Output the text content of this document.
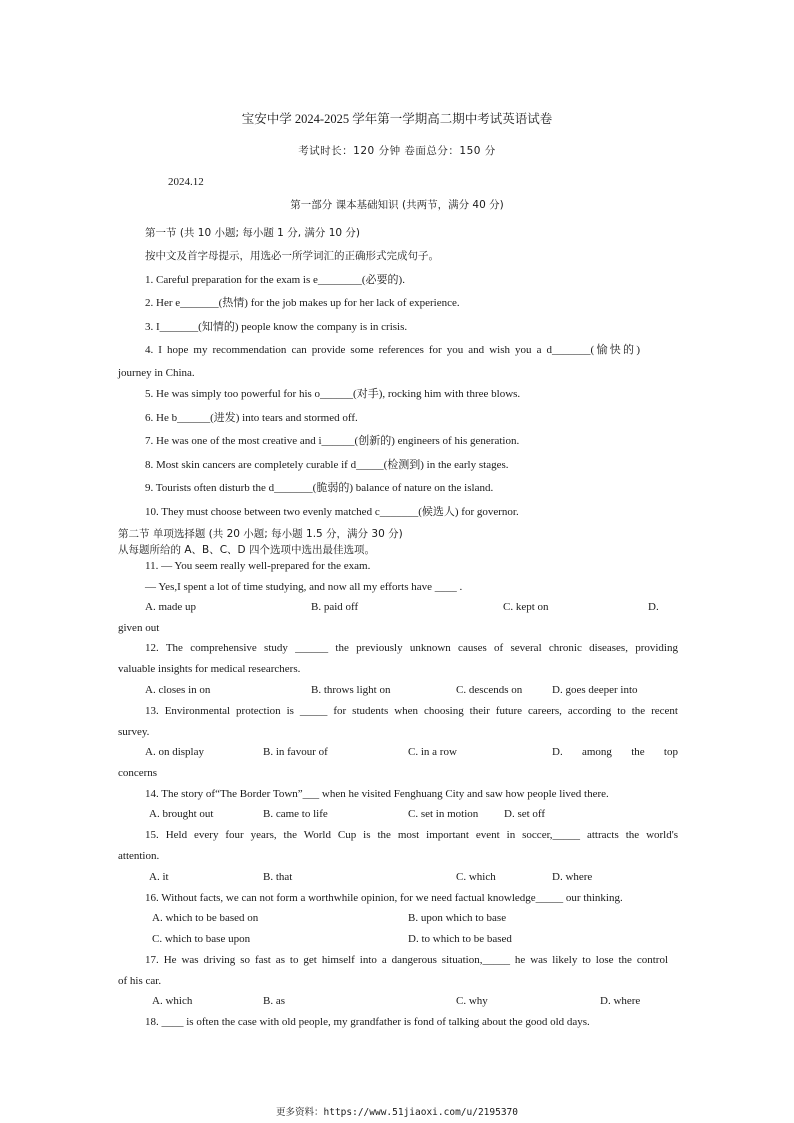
宝安中学 2024-2025 学年第一学期高二期中考试英语试卷
考试时长：120 分钟 卷面总分：150 分
2024.12
第一部分 课本基础知识 (共两节，满分 40 分)
第一节 (共 10 小题; 每小题 1 分, 满分 10 分)
按中文及首字母提示，用选必一所学词汇的正确形式完成句子。
1. Careful preparation for the exam is e________(必要的).
2. Her e_______(热情) for the job makes up for her lack of experience.
3. I_______(知情的) people know the company is in crisis.
4. I hope my recommendation can provide some references for you and wish you a d_______(愉快的)
journey in China.
5. He was simply too powerful for his o______(对手), rocking him with three blows.
6. He b______(进发) into tears and stormed off.
7. He was one of the most creative and i______(创新的) engineers of his generation.
8. Most skin cancers are completely curable if d_____(检测到) in the early stages.
9. Tourists often disturb the d_______(脆弱的) balance of nature on the island.
10. They must choose between two evenly matched c_______(候选人) for governor.
第二节 单项选择题 (共 20 小题; 每小题 1.5 分，满分 30 分)
从每题所给的 A、B、C、D 四个选项中选出最佳选项。
11. — You seem really well-prepared for the exam.
— Yes,I spent a lot of time studying, and now all my efforts have ____ .
A. made up	B. paid off	C. kept on	D.
given out
12. The comprehensive study ______ the previously unknown causes of several chronic diseases, providing
valuable insights for medical researchers.
A. closes in on	B. throws light on	C. descends on	D. goes deeper into
13. Environmental protection is _____ for students when choosing their future careers, according to the recent
survey.
A. on display	B. in favour of	C. in a row	D. among the top
concerns
14. The story of“The Border Town”___ when he visited Fenghuang City and saw how people lived there.
A. brought out	B. came to life	C. set in motion D. set off
15. Held every four years, the World Cup is the most important event in soccer,_____ attracts the world's
attention.
A. it	B. that	C. which	D. where
16. Without facts, we can not form a worthwhile opinion, for we need factual knowledge_____ our thinking.
A. which to be based on	B. upon which to base
C. which to base upon	D. to which to be based
17. He was driving so fast as to get himself into a dangerous situation,_____ he was likely to lose the control
of his car.
A. which	B. as	C. why	D. where
18. ____ is often the case with old people, my grandfather is fond of talking about the good old days.
更多资料：https://www.51jiaoxi.com/u/2195370
